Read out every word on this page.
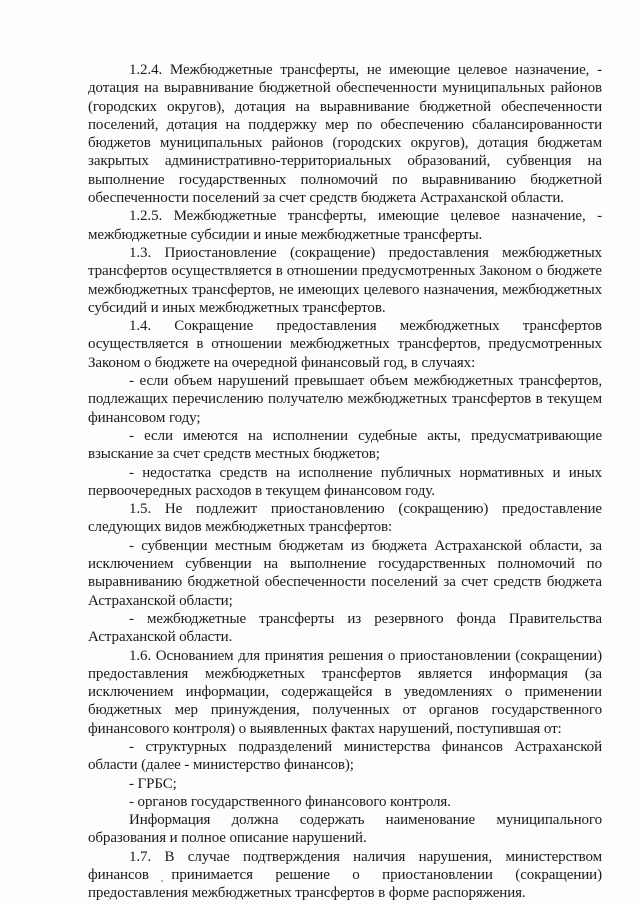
1.2.4. Межбюджетные трансферты, не имеющие целевое назначение, - дотация на выравнивание бюджетной обеспеченности муниципальных районов (городских округов), дотация на выравнивание бюджетной обеспеченности поселений, дотация на поддержку мер по обеспечению сбалансированности бюджетов муниципальных районов (городских округов), дотация бюджетам закрытых административно-территориальных образований, субвенция на выполнение государственных полномочий по выравниванию бюджетной обеспеченности поселений за счет средств бюджета Астраханской области.

1.2.5. Межбюджетные трансферты, имеющие целевое назначение, - межбюджетные субсидии и иные межбюджетные трансферты.

1.3. Приостановление (сокращение) предоставления межбюджетных трансфертов осуществляется в отношении предусмотренных Законом о бюджете межбюджетных трансфертов, не имеющих целевого назначения, межбюджетных субсидий и иных межбюджетных трансфертов.

1.4. Сокращение предоставления межбюджетных трансфертов осуществляется в отношении межбюджетных трансфертов, предусмотренных Законом о бюджете на очередной финансовый год, в случаях:

- если объем нарушений превышает объем межбюджетных трансфертов, подлежащих перечислению получателю межбюджетных трансфертов в текущем финансовом году;

- если имеются на исполнении судебные акты, предусматривающие взыскание за счет средств местных бюджетов;

- недостатка средств на исполнение публичных нормативных и иных первоочередных расходов в текущем финансовом году.

1.5. Не подлежит приостановлению (сокращению) предоставление следующих видов межбюджетных трансфертов:

- субвенции местным бюджетам из бюджета Астраханской области, за исключением субвенции на выполнение государственных полномочий по выравниванию бюджетной обеспеченности поселений за счет средств бюджета Астраханской области;

- межбюджетные трансферты из резервного фонда Правительства Астраханской области.

1.6. Основанием для принятия решения о приостановлении (сокращении) предоставления межбюджетных трансфертов является информация (за исключением информации, содержащейся в уведомлениях о применении бюджетных мер принуждения, полученных от органов государственного финансового контроля) о выявленных фактах нарушений, поступившая от:

- структурных подразделений министерства финансов Астраханской области (далее - министерство финансов);

- ГРБС;

- органов государственного финансового контроля.

Информация должна содержать наименование муниципального образования и полное описание нарушений.

1.7. В случае подтверждения наличия нарушения, министерством финансов принимается решение о приостановлении (сокращении) предоставления межбюджетных трансфертов в форме распоряжения.
